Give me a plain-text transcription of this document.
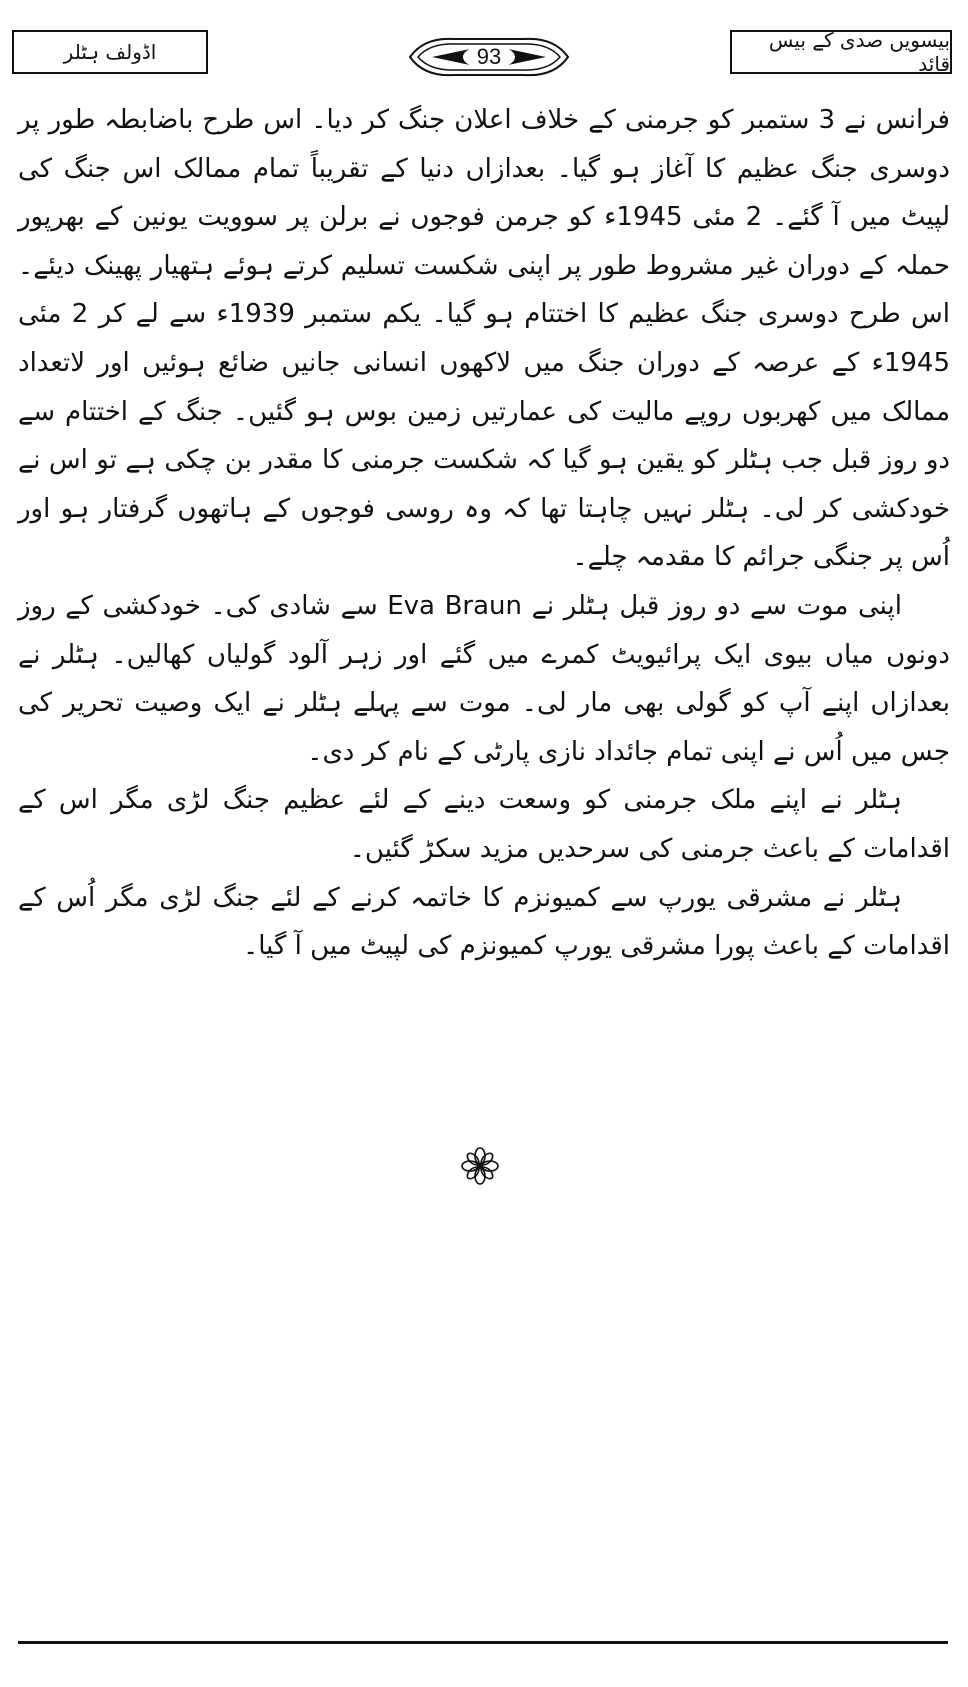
بیسویں صدی کے بیس قائد
93
اڈولف ہٹلر

فرانس نے 3 ستمبر کو جرمنی کے خلاف اعلان جنگ کر دیا۔ اس طرح باضابطہ طور پر دوسری جنگ عظیم کا آغاز ہو گیا۔ بعدازاں دنیا کے تقریباً تمام ممالک اس جنگ کی لپیٹ میں آ گئے۔ 2 مئی 1945ء کو جرمن فوجوں نے برلن پر سوویت یونین کے بھرپور حملہ کے دوران غیر مشروط طور پر اپنی شکست تسلیم کرتے ہوئے ہتھیار پھینک دیئے۔ اس طرح دوسری جنگ عظیم کا اختتام ہو گیا۔ یکم ستمبر 1939ء سے لے کر 2 مئی 1945ء کے عرصہ کے دوران جنگ میں لاکھوں انسانی جانیں ضائع ہوئیں اور لاتعداد ممالک میں کھربوں روپے مالیت کی عمارتیں زمین بوس ہو گئیں۔ جنگ کے اختتام سے دو روز قبل جب ہٹلر کو یقین ہو گیا کہ شکست جرمنی کا مقدر بن چکی ہے تو اس نے خودکشی کر لی۔ ہٹلر نہیں چاہتا تھا کہ وہ روسی فوجوں کے ہاتھوں گرفتار ہو اور اُس پر جنگی جرائم کا مقدمہ چلے۔

اپنی موت سے دو روز قبل ہٹلر نے Eva Braun سے شادی کی۔ خودکشی کے روز دونوں میاں بیوی ایک پرائیویٹ کمرے میں گئے اور زہر آلود گولیاں کھالیں۔ ہٹلر نے بعدازاں اپنے آپ کو گولی بھی مار لی۔ موت سے پہلے ہٹلر نے ایک وصیت تحریر کی جس میں اُس نے اپنی تمام جائداد نازی پارٹی کے نام کر دی۔

ہٹلر نے اپنے ملک جرمنی کو وسعت دینے کے لئے عظیم جنگ لڑی مگر اس کے اقدامات کے باعث جرمنی کی سرحدیں مزید سکڑ گئیں۔

ہٹلر نے مشرقی یورپ سے کمیونزم کا خاتمہ کرنے کے لئے جنگ لڑی مگر اُس کے اقدامات کے باعث پورا مشرقی یورپ کمیونزم کی لپیٹ میں آ گیا۔
